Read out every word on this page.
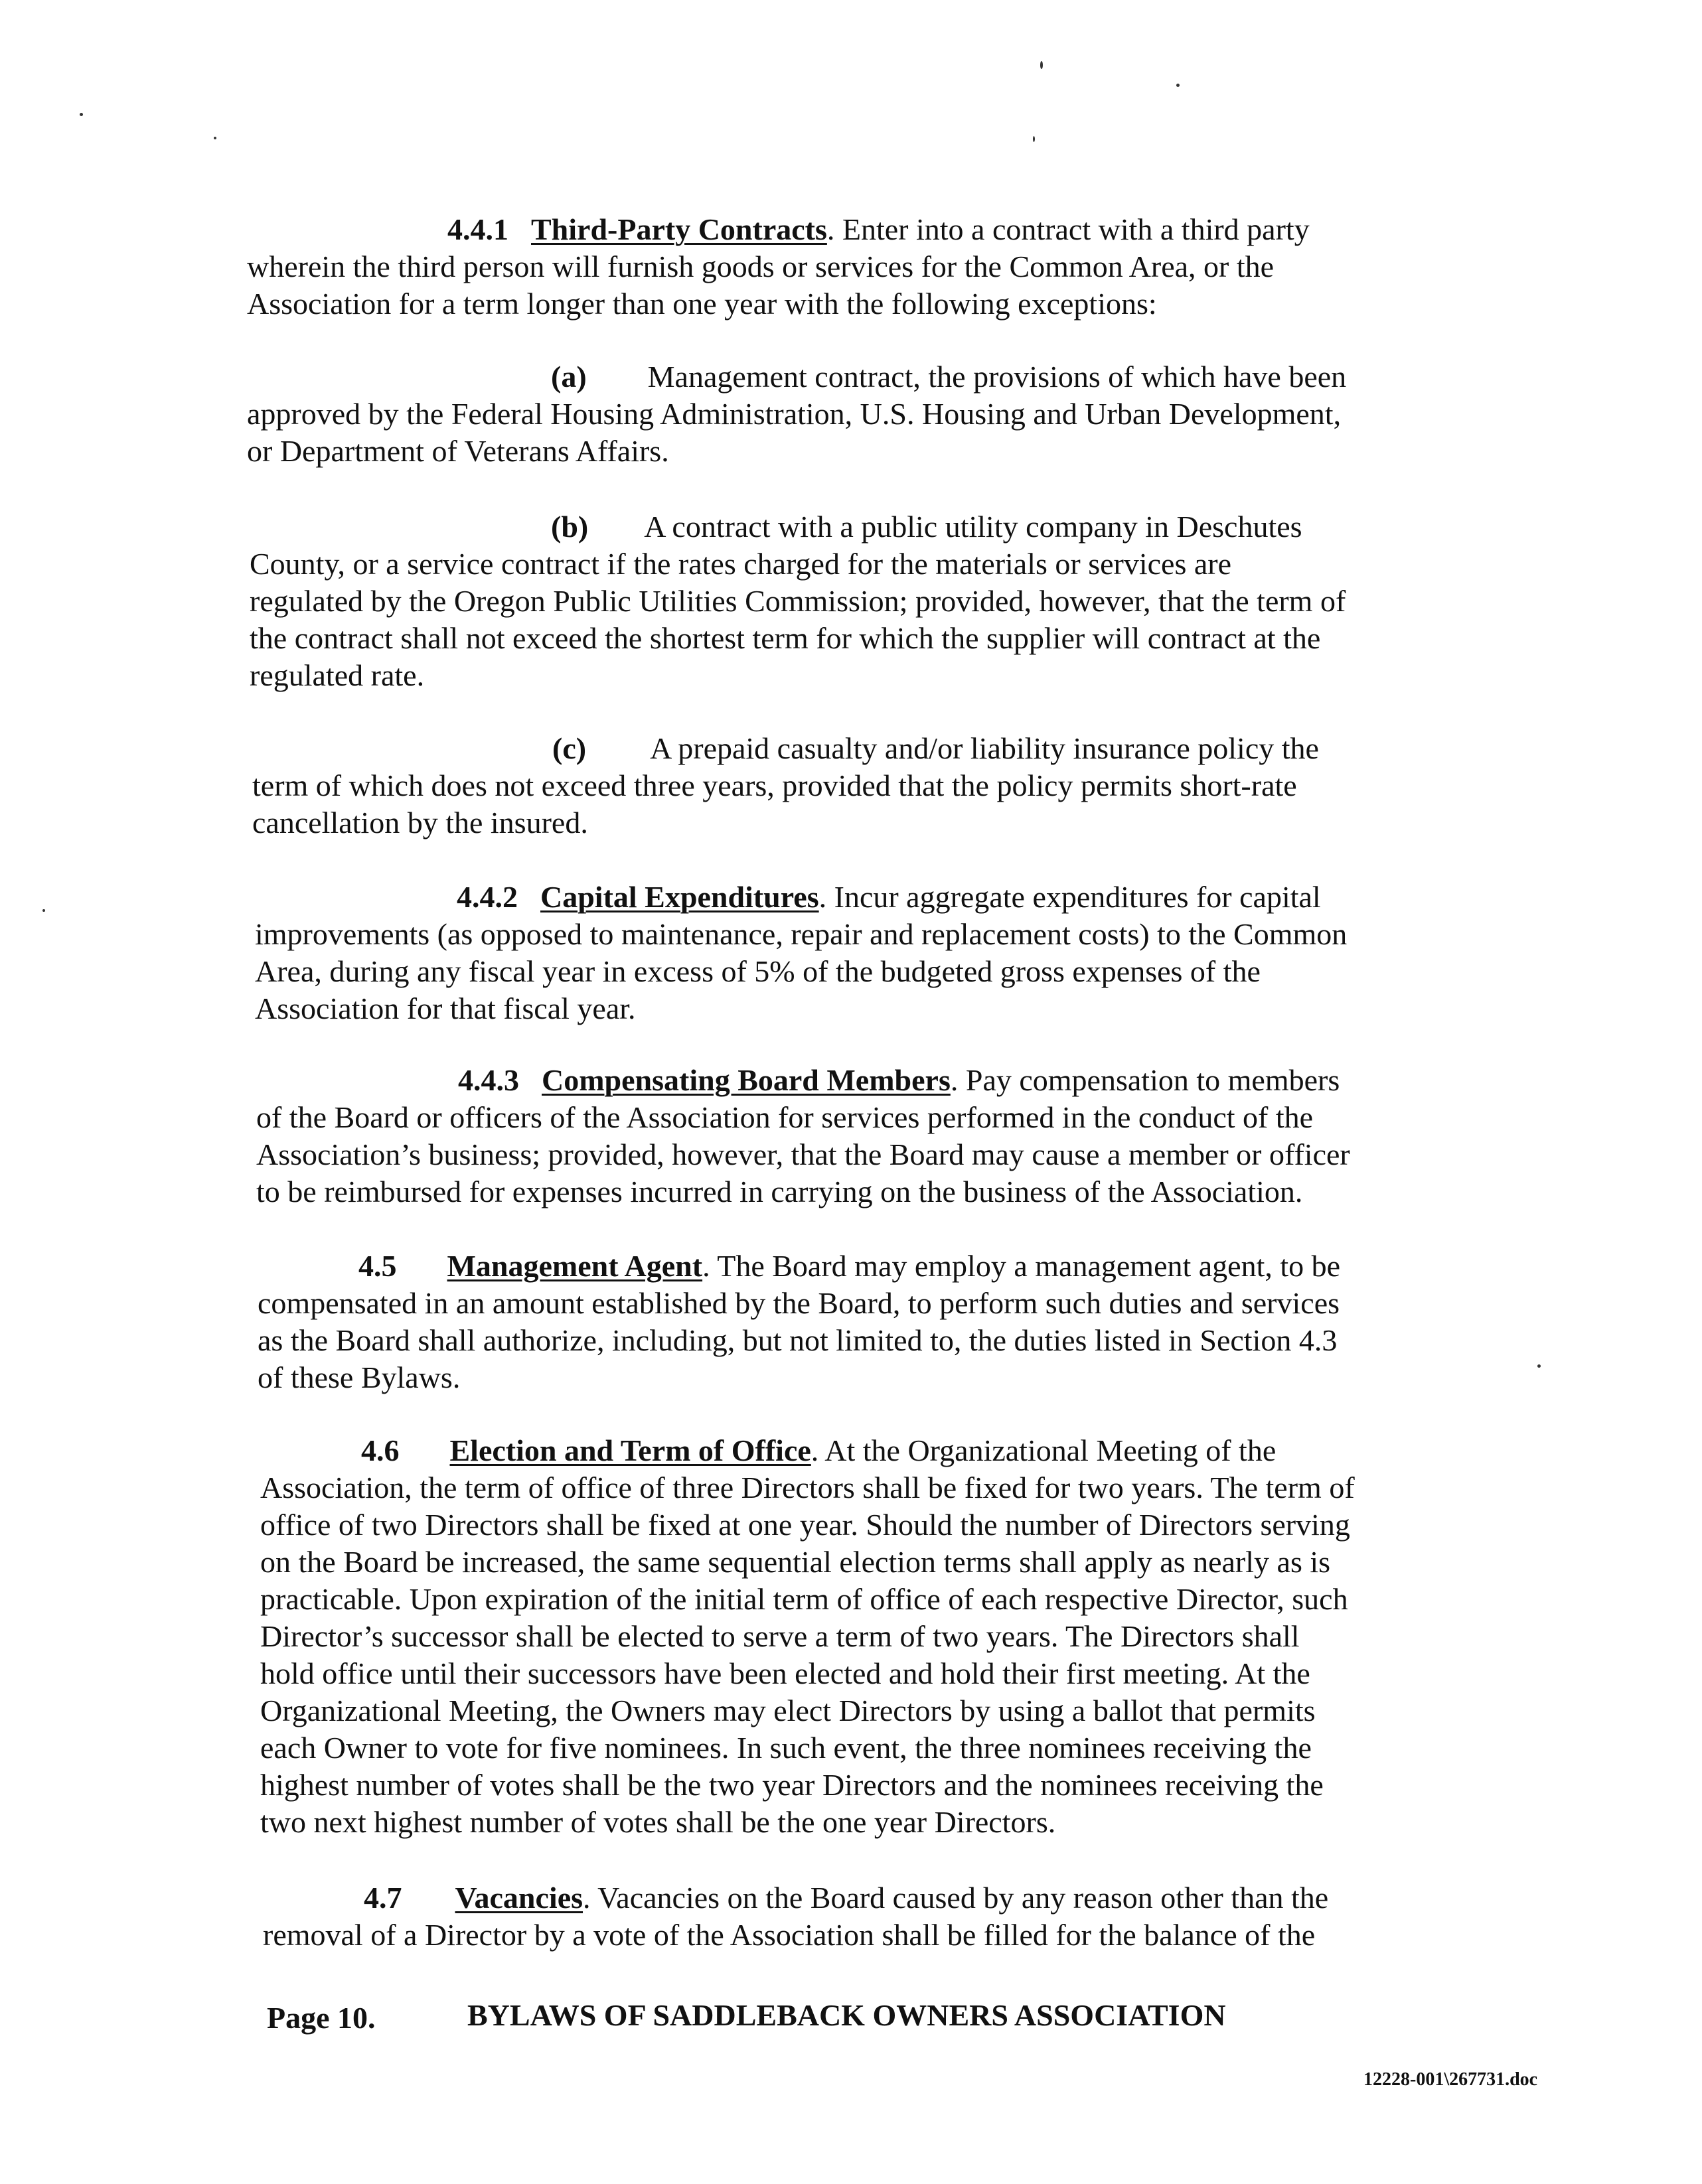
4.4.1 Third-Party Contracts. Enter into a contract with a third party
wherein the third person will furnish goods or services for the Common Area, or the
Association for a term longer than one year with the following exceptions:
(a) Management contract, the provisions of which have been
approved by the Federal Housing Administration, U.S. Housing and Urban Development,
or Department of Veterans Affairs.
(b) A contract with a public utility company in Deschutes
County, or a service contract if the rates charged for the materials or services are
regulated by the Oregon Public Utilities Commission; provided, however, that the term of
the contract shall not exceed the shortest term for which the supplier will contract at the
regulated rate.
(c) A prepaid casualty and/or liability insurance policy the
term of which does not exceed three years, provided that the policy permits short-rate
cancellation by the insured.
4.4.2 Capital Expenditures. Incur aggregate expenditures for capital
improvements (as opposed to maintenance, repair and replacement costs) to the Common
Area, during any fiscal year in excess of 5% of the budgeted gross expenses of the
Association for that fiscal year.
4.4.3 Compensating Board Members. Pay compensation to members
of the Board or officers of the Association for services performed in the conduct of the
Association’s business; provided, however, that the Board may cause a member or officer
to be reimbursed for expenses incurred in carrying on the business of the Association.
4.5 Management Agent. The Board may employ a management agent, to be
compensated in an amount established by the Board, to perform such duties and services
as the Board shall authorize, including, but not limited to, the duties listed in Section 4.3
of these Bylaws.
4.6 Election and Term of Office. At the Organizational Meeting of the
Association, the term of office of three Directors shall be fixed for two years. The term of
office of two Directors shall be fixed at one year. Should the number of Directors serving
on the Board be increased, the same sequential election terms shall apply as nearly as is
practicable. Upon expiration of the initial term of office of each respective Director, such
Director’s successor shall be elected to serve a term of two years. The Directors shall
hold office until their successors have been elected and hold their first meeting. At the
Organizational Meeting, the Owners may elect Directors by using a ballot that permits
each Owner to vote for five nominees. In such event, the three nominees receiving the
highest number of votes shall be the two year Directors and the nominees receiving the
two next highest number of votes shall be the one year Directors.
4.7 Vacancies. Vacancies on the Board caused by any reason other than the
removal of a Director by a vote of the Association shall be filled for the balance of the
Page 10.	BYLAWS OF SADDLEBACK OWNERS ASSOCIATION
12228-001\267731.doc
